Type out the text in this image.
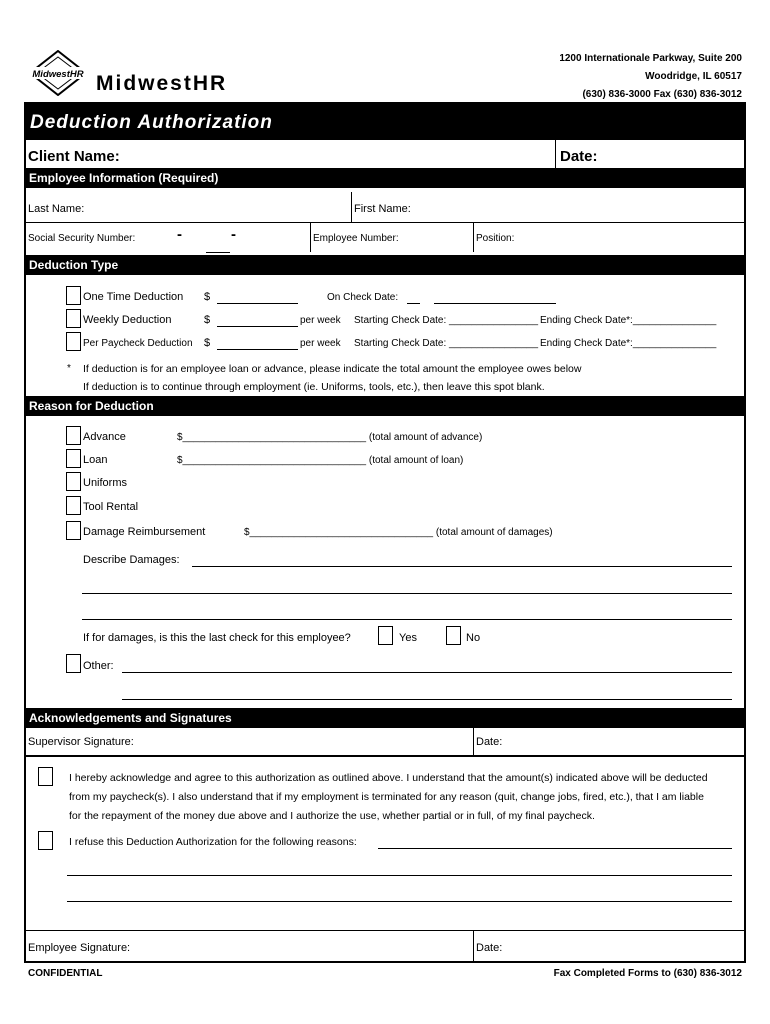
MidwestHR MidwestHR
1200 Internationale Parkway, Suite 200
Woodridge, IL 60517
(630) 836-3000 Fax (630) 836-3012
Deduction Authorization
Client Name:	Date:
Employee Information (Required)
Last Name:	First Name:
Social Security Number:	-	-	Employee Number:	Position:
Deduction Type
One Time Deduction $	On Check Date:
Weekly Deduction	$	per week Starting Check Date: ________________ Ending Check Date*:_______________
Per Paycheck Deduction $	per week Starting Check Date: ________________ Ending Check Date*:_______________
* If deduction is for an employee loan or advance, please indicate the total amount the employee owes below
If deduction is to continue through employment (ie. Uniforms, tools, etc.), then leave this spot blank.
Reason for Deduction
Advance	$_________________________________ (total amount of advance)
Loan	$_________________________________ (total amount of loan)
Uniforms
Tool Rental
Damage Reimbursement	$_________________________________ (total amount of damages)
Describe Damages:
If for damages, is this the last check for this employee?	Yes	No
Other:
Acknowledgements and Signatures
Supervisor Signature:	Date:
I hereby acknowledge and agree to this authorization as outlined above. I understand that the amount(s) indicated above will be deducted
from my paycheck(s). I also understand that if my employment is terminated for any reason (quit, change jobs, fired, etc.), that I am liable
for the repayment of the money due above and I authorize the use, whether partial or in full, of my final paycheck.
I refuse this Deduction Authorization for the following reasons:
Employee Signature:	Date:
CONFIDENTIAL	Fax Completed Forms to (630) 836-3012
